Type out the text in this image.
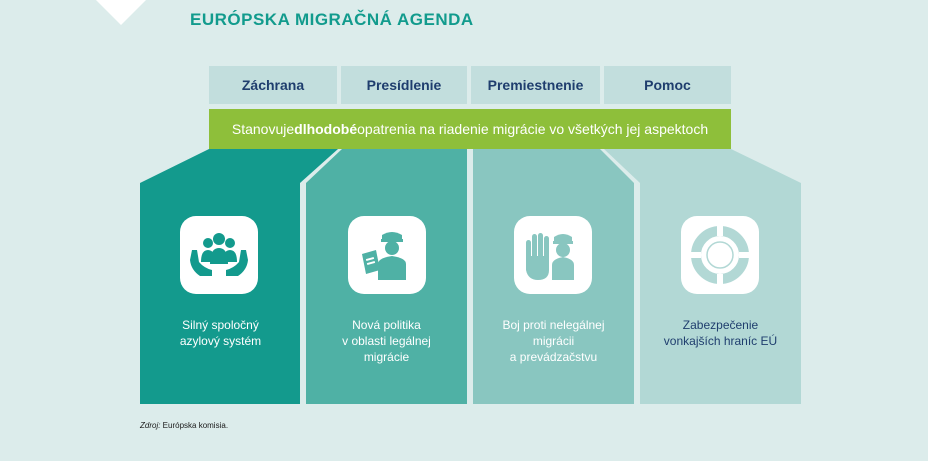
EURÓPSKA MIGRAČNÁ AGENDA
Záchrana	Presídlenie	Premiestnenie	Pomoc
Stanovuje dlhodobé opatrenia na riadenie migrácie vo všetkých jej aspektoch
Silný spoločný
azylový systém
Nová politika
v oblasti legálnej
migrácie
Boj proti nelegálnej
migrácii
a prevádzačstvu
Zabezpečenie
vonkajších hraníc EÚ
Zdroj: Európska komisia.
